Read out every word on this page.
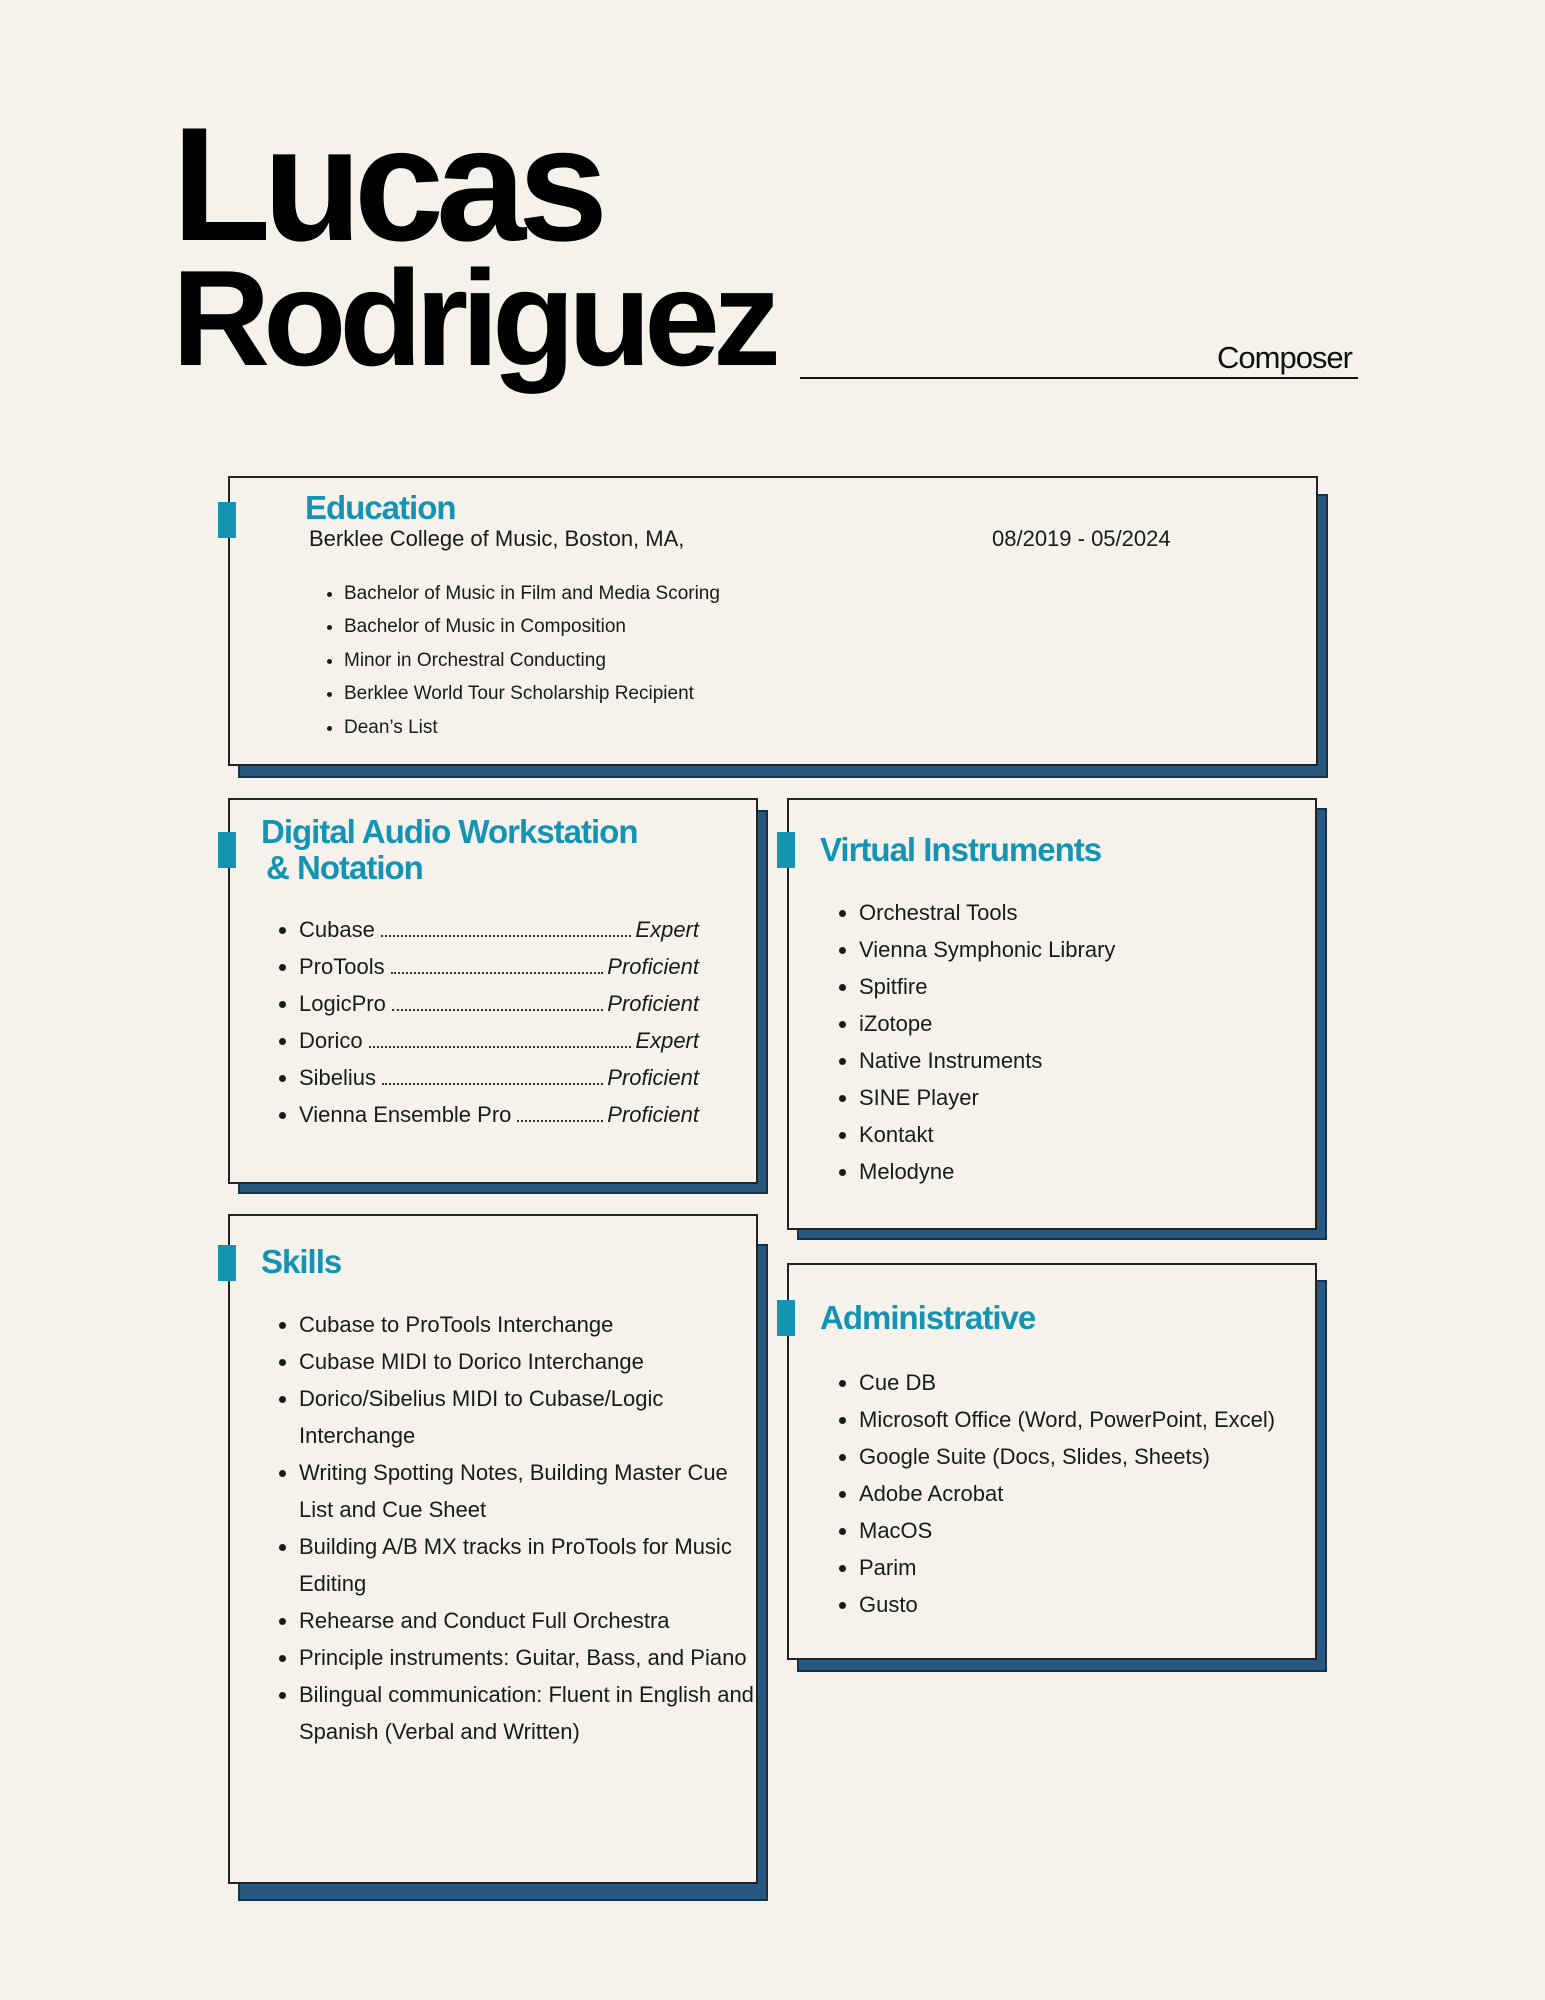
Lucas
Rodriguez	Composer
Education
Berklee College of Music, Boston, MA,	08/2019 - 05/2024
• Bachelor of Music in Film and Media Scoring
• Bachelor of Music in Composition
• Minor in Orchestral Conducting
• Berklee World Tour Scholarship Recipient
• Dean’s List
Digital Audio Workstation
& Notation
• Cubase	Expert
• ProTools	Proficient
• LogicPro	Proficient
• Dorico	Expert
• Sibelius	Proficient
• Vienna Ensemble Pro	Proficient
Virtual Instruments
• Orchestral Tools
• Vienna Symphonic Library
• Spitfire
• iZotope
• Native Instruments
• SINE Player
• Kontakt
• Melodyne
Skills
• Cubase to ProTools Interchange
• Cubase MIDI to Dorico Interchange
• Dorico/Sibelius MIDI to Cubase/Logic Interchange
• Writing Spotting Notes, Building Master Cue List and Cue Sheet
• Building A/B MX tracks in ProTools for Music Editing
• Rehearse and Conduct Full Orchestra
• Principle instruments: Guitar, Bass, and Piano
• Bilingual communication: Fluent in English and Spanish (Verbal and Written)
Administrative
• Cue DB
• Microsoft Office (Word, PowerPoint, Excel)
• Google Suite (Docs, Slides, Sheets)
• Adobe Acrobat
• MacOS
• Parim
• Gusto
